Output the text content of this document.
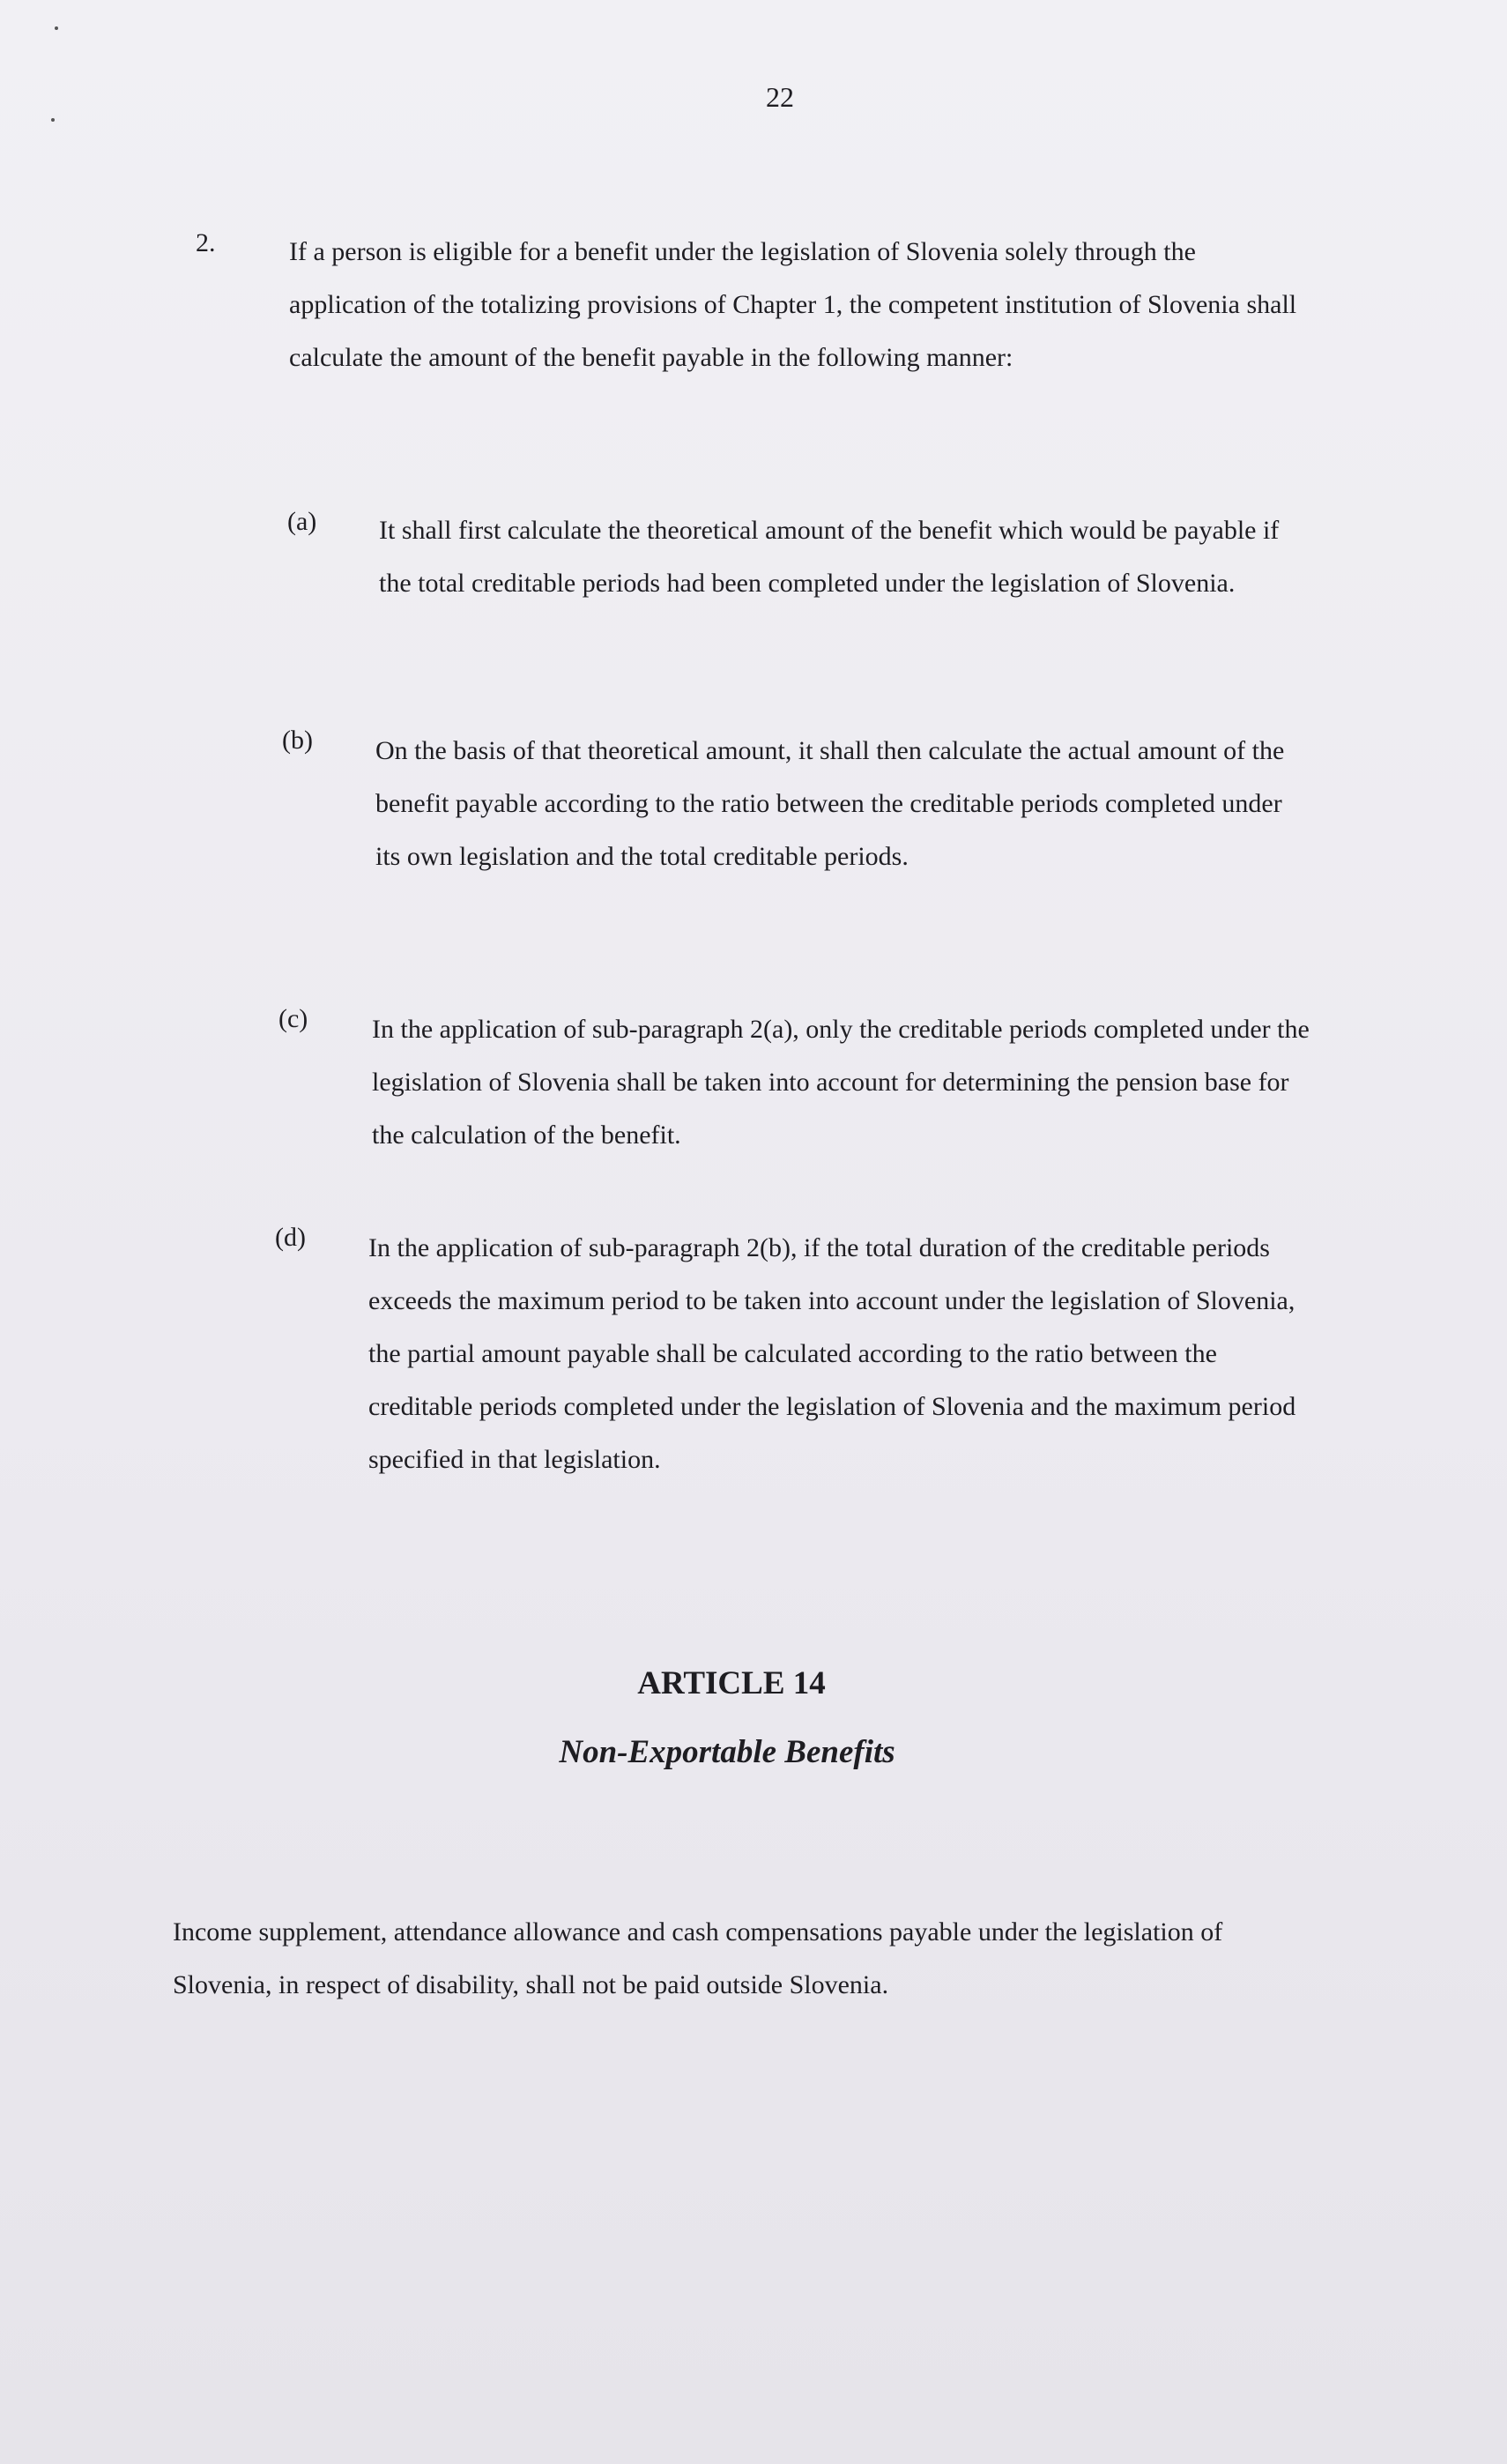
22
2.	If a person is eligible for a benefit under the legislation of Slovenia solely through the application of the totalizing provisions of Chapter 1, the competent institution of Slovenia shall calculate the amount of the benefit payable in the following manner:

(a) It shall first calculate the theoretical amount of the benefit which would be payable if the total creditable periods had been completed under the legislation of Slovenia.

(b) On the basis of that theoretical amount, it shall then calculate the actual amount of the benefit payable according to the ratio between the creditable periods completed under its own legislation and the total creditable periods.

(c) In the application of sub-paragraph 2(a), only the creditable periods completed under the legislation of Slovenia shall be taken into account for determining the pension base for the calculation of the benefit.

(d) In the application of sub-paragraph 2(b), if the total duration of the creditable periods exceeds the maximum period to be taken into account under the legislation of Slovenia, the partial amount payable shall be calculated according to the ratio between the creditable periods completed under the legislation of Slovenia and the maximum period specified in that legislation.

ARTICLE 14
Non-Exportable Benefits

Income supplement, attendance allowance and cash compensations payable under the legislation of Slovenia, in respect of disability, shall not be paid outside Slovenia.
